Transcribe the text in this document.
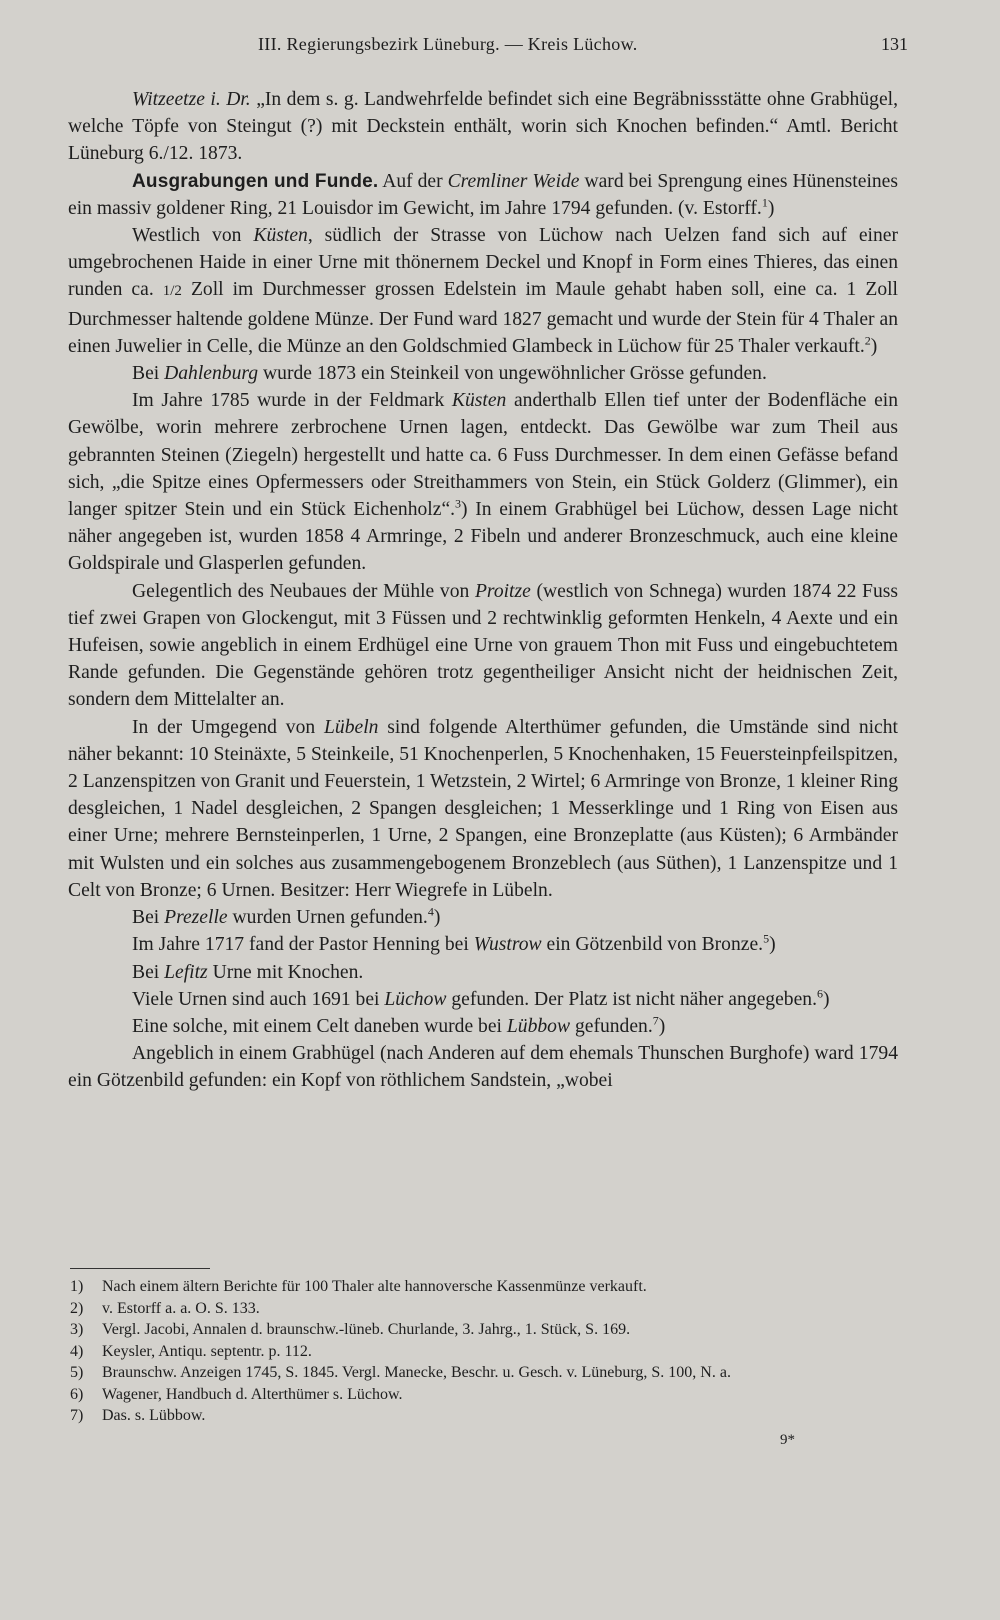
III. Regierungsbezirk Lüneburg. — Kreis Lüchow.	131

Witzeetze i. Dr. „In dem s. g. Landwehrfelde befindet sich eine Begräbnissstätte ohne Grabhügel, welche Töpfe von Steingut (?) mit Deckstein enthält, worin sich Knochen befinden.“ Amtl. Bericht Lüneburg 6./12. 1873.

Ausgrabungen und Funde. Auf der Cremliner Weide ward bei Sprengung eines Hünensteines ein massiv goldener Ring, 21 Louisdor im Gewicht, im Jahre 1794 gefunden. (v. Estorff.$^1$)

Westlich von Küsten, südlich der Strasse von Lüchow nach Uelzen fand sich auf einer umgebrochenen Haide in einer Urne mit thönernem Deckel und Knopf in Form eines Thieres, das einen runden ca. 1/2 Zoll im Durchmesser grossen Edelstein im Maule gehabt haben soll, eine ca. 1 Zoll Durchmesser haltende goldene Münze. Der Fund ward 1827 gemacht und wurde der Stein für 4 Thaler an einen Juwelier in Celle, die Münze an den Goldschmied Glambeck in Lüchow für 25 Thaler verkauft.$^2$)

Bei Dahlenburg wurde 1873 ein Steinkeil von ungewöhnlicher Grösse gefunden.

Im Jahre 1785 wurde in der Feldmark Küsten anderthalb Ellen tief unter der Bodenfläche ein Gewölbe, worin mehrere zerbrochene Urnen lagen, entdeckt. Das Gewölbe war zum Theil aus gebrannten Steinen (Ziegeln) hergestellt und hatte ca. 6 Fuss Durchmesser. In dem einen Gefässe befand sich, „die Spitze eines Opfermessers oder Streithammers von Stein, ein Stück Golderz (Glimmer), ein langer spitzer Stein und ein Stück Eichenholz“.$^3$) In einem Grabhügel bei Lüchow, dessen Lage nicht näher angegeben ist, wurden 1858 4 Armringe, 2 Fibeln und anderer Bronzeschmuck, auch eine kleine Goldspirale und Glasperlen gefunden.

Gelegentlich des Neubaues der Mühle von Proitze (westlich von Schnega) wurden 1874 22 Fuss tief zwei Grapen von Glockengut, mit 3 Füssen und 2 rechtwinklig geformten Henkeln, 4 Aexte und ein Hufeisen, sowie angeblich in einem Erdhügel eine Urne von grauem Thon mit Fuss und eingebuchtetem Rande gefunden. Die Gegenstände gehören trotz gegentheiliger Ansicht nicht der heidnischen Zeit, sondern dem Mittelalter an.

In der Umgegend von Lübeln sind folgende Alterthümer gefunden, die Umstände sind nicht näher bekannt: 10 Steinäxte, 5 Steinkeile, 51 Knochenperlen, 5 Knochenhaken, 15 Feuersteinpfeilspitzen, 2 Lanzenspitzen von Granit und Feuerstein, 1 Wetzstein, 2 Wirtel; 6 Armringe von Bronze, 1 kleiner Ring desgleichen, 1 Nadel desgleichen, 2 Spangen desgleichen; 1 Messerklinge und 1 Ring von Eisen aus einer Urne; mehrere Bernsteinperlen, 1 Urne, 2 Spangen, eine Bronzeplatte (aus Küsten); 6 Armbänder mit Wulsten und ein solches aus zusammengebogenem Bronzeblech (aus Süthen), 1 Lanzenspitze und 1 Celt von Bronze; 6 Urnen. Besitzer: Herr Wiegrefe in Lübeln.

Bei Prezelle wurden Urnen gefunden.$^4$)

Im Jahre 1717 fand der Pastor Henning bei Wustrow ein Götzenbild von Bronze.$^5$)

Bei Lefitz Urne mit Knochen.

Viele Urnen sind auch 1691 bei Lüchow gefunden. Der Platz ist nicht näher angegeben.$^6$)

Eine solche, mit einem Celt daneben wurde bei Lübbow gefunden.$^7$)

Angeblich in einem Grabhügel (nach Anderen auf dem ehemals Thunschen Burghofe) ward 1794 ein Götzenbild gefunden: ein Kopf von röthlichem Sandstein, „wobei

1) Nach einem ältern Berichte für 100 Thaler alte hannoversche Kassenmünze verkauft.
2) v. Estorff a. a. O. S. 133.
3) Vergl. Jacobi, Annalen d. braunschw.-lüneb. Churlande, 3. Jahrg., 1. Stück, S. 169.
4) Keysler, Antiqu. septentr. p. 112.
5) Braunschw. Anzeigen 1745, S. 1845. Vergl. Manecke, Beschr. u. Gesch. v. Lüneburg, S. 100, N. a.
6) Wagener, Handbuch d. Alterthümer s. Lüchow.
7) Das. s. Lübbow.
9*
